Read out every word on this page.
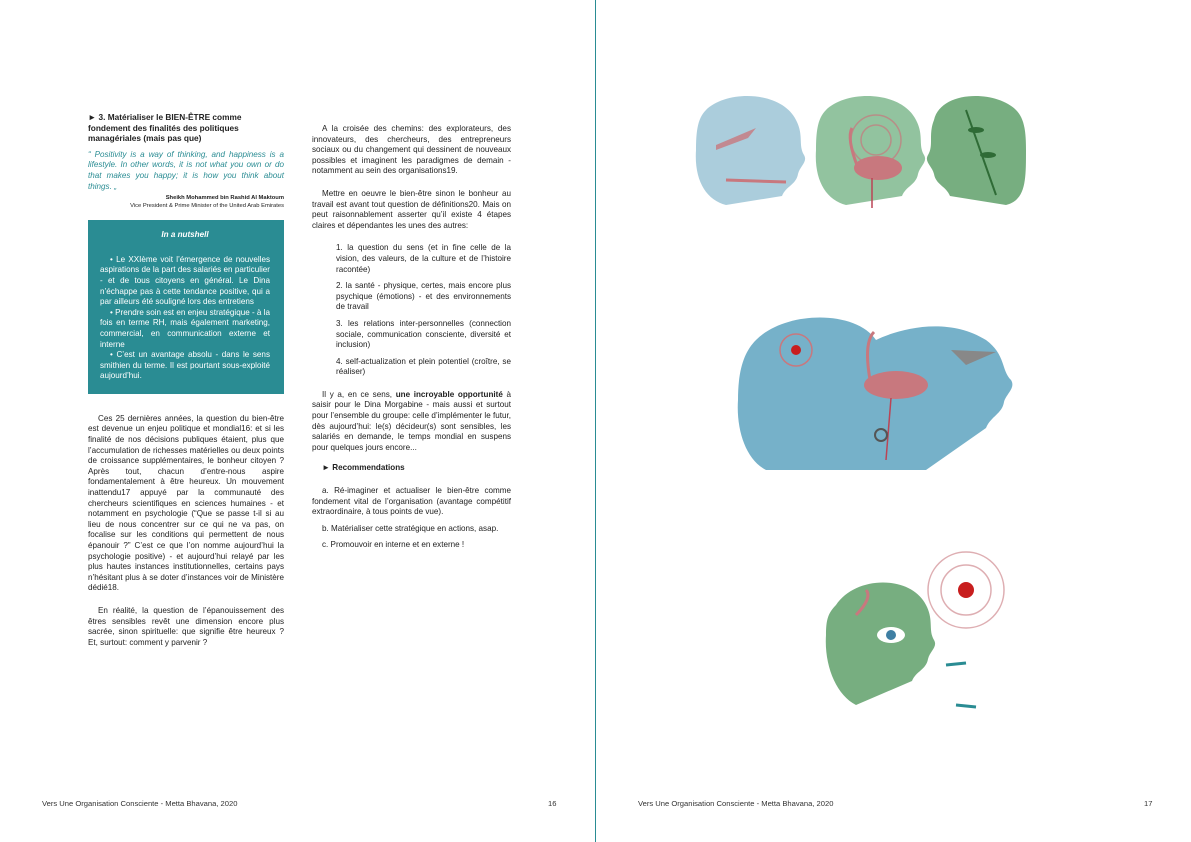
► 3. Matérialiser le BIEN-ÊTRE comme fondement des finalités des politiques managériales (mais pas que)
“ Positivity is a way of thinking, and happiness is a lifestyle. In other words, it is not what you own or do that makes you happy; it is how you think about things. „
Sheikh Mohammed bin Rashid Al Maktoum
Vice President & Prime Minister of the United Arab Emirates
In a nutshell

• Le XXIème voit l’émergence de nouvelles aspirations de la part des salariés en particulier - et de tous citoyens en général. Le Dina n’échappe pas à cette tendance positive, qui a par ailleurs été souligné lors des entretiens

• Prendre soin est en enjeu stratégique - à la fois en terme RH, mais également marketing, commercial, en communication externe et interne

• C’est un avantage absolu - dans le sens smithien du terme. Il est pourtant sous-exploité aujourd’hui.

Ces 25 dernières années, la question du bien-être est devenue un enjeu politique et mondial16: et si les finalité de nos décisions publiques étaient, plus que l’accumulation de richesses matérielles ou deux points de croissance supplémentaires, le bonheur citoyen ? Après tout, chacun d’entre-nous aspire fondamentalement à être heureux. Un mouvement inattendu17 appuyé par la communauté des chercheurs scientifiques en sciences humaines - et notamment en psychologie (“Que se passe t-il si au lieu de nous concentrer sur ce qui ne va pas, on focalise sur les conditions qui permettent de nous épanouir ?” C’est ce que l’on nomme aujourd’hui la psychologie positive) - et aujourd’hui relayé par les plus hautes instances institutionnelles, certains pays n’hésitant plus à se doter d’instances voir de Ministère dédié18.

En réalité, la question de l’épanouissement des êtres sensibles revêt une dimension encore plus sacrée, sinon spirituelle: que signifie être heureux ? Et, surtout: comment y parvenir ?

A la croisée des chemins: des explorateurs, des innovateurs, des chercheurs, des entrepreneurs sociaux ou du changement qui dessinent de nouveaux possibles et imaginent les paradigmes de demain - notamment au sein des organisations19.

Mettre en oeuvre le bien-être sinon le bonheur au travail est avant tout question de définitions20. Mais on peut raisonnablement asserter qu’il existe 4 étapes claires et dépendantes les unes des autres:

1. la question du sens (et in fine celle de la vision, des valeurs, de la culture et de l’histoire racontée)

2. la santé - physique, certes, mais encore plus psychique (émotions) - et des environnements de travail

3. les relations inter-personnelles (connection sociale, communication consciente, diversité et inclusion)

4. self-actualization et plein potentiel (croître, se réaliser)

Il y a, en ce sens, une incroyable opportunité à saisir pour le Dina Morgabine - mais aussi et surtout pour l’ensemble du groupe: celle d’implémenter le futur, dès aujourd’hui: le(s) décideur(s) sont sensibles, les salariés en demande, le temps mondial en suspens pour quelques jours encore...

► Recommendations

a. Ré-imaginer et actualiser le bien-être comme fondement vital de l’organisation (avantage compétitif extraordinaire, à tous points de vue).

b. Matérialiser cette stratégique en actions, asap.

c. Promouvoir en interne et en externe !

Vers Une Organisation Consciente - Metta Bhavana, 2020	16	Vers Une Organisation Consciente - Metta Bhavana, 2020	17
